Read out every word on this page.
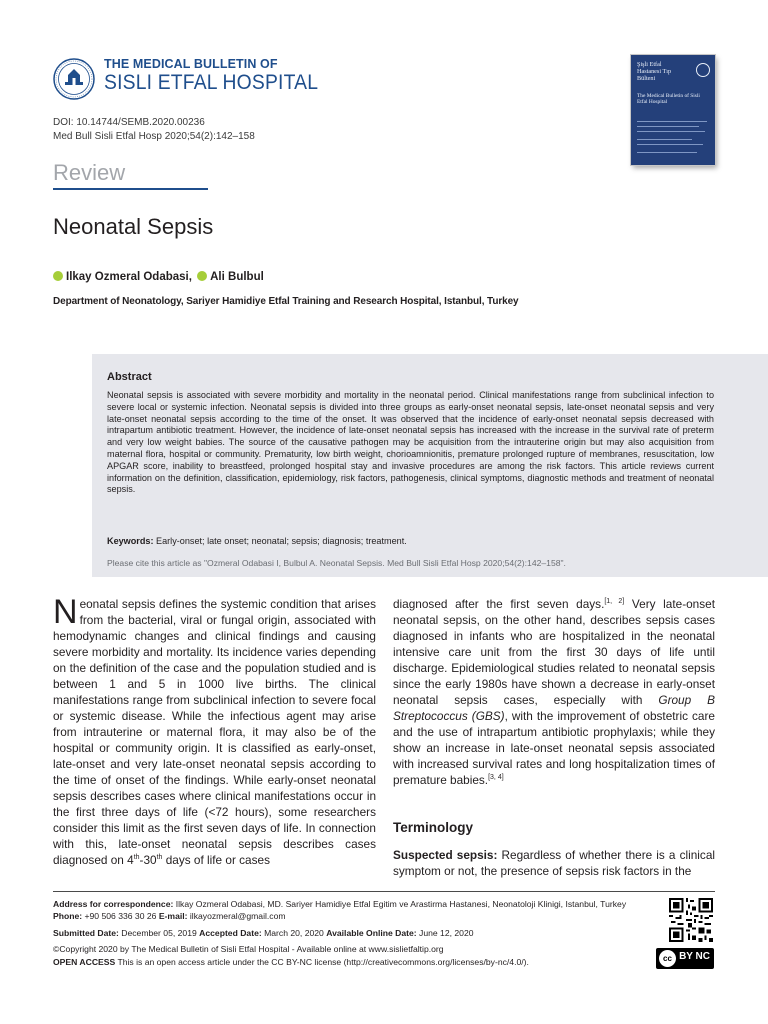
THE MEDICAL BULLETIN OF
SISLI ETFAL HOSPITAL
DOI: 10.14744/SEMB.2020.00236
Med Bull Sisli Etfal Hosp 2020;54(2):142–158
Şişli Etfal Hastanesi Tıp Bülteni
The Medical Bulletin of Sisli Etfal Hospital
Review
Neonatal Sepsis
Ilkay Ozmeral Odabasi, Ali Bulbul
Department of Neonatology, Sariyer Hamidiye Etfal Training and Research Hospital, Istanbul, Turkey
Abstract
Neonatal sepsis is associated with severe morbidity and mortality in the neonatal period. Clinical manifestations range from subclinical infection to severe local or systemic infection. Neonatal sepsis is divided into three groups as early-onset neonatal sepsis, late-onset neonatal sepsis and very late-onset neonatal sepsis according to the time of the onset. It was observed that the incidence of early-onset neonatal sepsis decreased with intrapartum antibiotic treatment. However, the incidence of late-onset neonatal sepsis has increased with the increase in the survival rate of preterm and very low weight babies. The source of the causative pathogen may be acquisition from the intrauterine origin but may also acquisition from maternal flora, hospital or community. Prematurity, low birth weight, chorioamnionitis, premature prolonged rupture of membranes, resuscitation, low APGAR score, inability to breastfeed, prolonged hospital stay and invasive procedures are among the risk factors. This article reviews current information on the definition, classification, epidemiology, risk factors, pathogenesis, clinical symptoms, diagnostic methods and treatment of neonatal sepsis.
Keywords: Early-onset; late onset; neonatal; sepsis; diagnosis; treatment.
Please cite this article as "Ozmeral Odabasi I, Bulbul A. Neonatal Sepsis. Med Bull Sisli Etfal Hosp 2020;54(2):142–158".
Neonatal sepsis defines the systemic condition that arises from the bacterial, viral or fungal origin, associated with hemodynamic changes and clinical findings and causing severe morbidity and mortality. Its incidence varies depending on the definition of the case and the population studied and is between 1 and 5 in 1000 live births. The clinical manifestations range from subclinical infection to severe focal or systemic disease. While the infectious agent may arise from intrauterine or maternal flora, it may also be of the hospital or community origin. It is classified as early-onset, late-onset and very late-onset neonatal sepsis according to the time of onset of the findings. While early-onset neonatal sepsis describes cases where clinical manifestations occur in the first three days of life (<72 hours), some researchers consider this limit as the first seven days of life. In connection with this, late-onset neonatal sepsis describes cases diagnosed on 4th-30th days of life or cases
diagnosed after the first seven days.[1, 2] Very late-onset neonatal sepsis, on the other hand, describes sepsis cases diagnosed in infants who are hospitalized in the neonatal intensive care unit from the first 30 days of life until discharge. Epidemiological studies related to neonatal sepsis since the early 1980s have shown a decrease in early-onset neonatal sepsis cases, especially with Group B Streptococcus (GBS), with the improvement of obstetric care and the use of intrapartum antibiotic prophylaxis; while they show an increase in late-onset neonatal sepsis associated with increased survival rates and long hospitalization times of premature babies.[3, 4]
Terminology
Suspected sepsis: Regardless of whether there is a clinical symptom or not, the presence of sepsis risk factors in the
Address for correspondence: Ilkay Ozmeral Odabasi, MD. Sariyer Hamidiye Etfal Egitim ve Arastirma Hastanesi, Neonatoloji Klinigi, Istanbul, Turkey
Phone: +90 506 336 30 26 E-mail: ilkayozmeral@gmail.com
Submitted Date: December 05, 2019 Accepted Date: March 20, 2020 Available Online Date: June 12, 2020
©Copyright 2020 by The Medical Bulletin of Sisli Etfal Hospital - Available online at www.sislietfaltip.org
OPEN ACCESS This is an open access article under the CC BY-NC license (http://creativecommons.org/licenses/by-nc/4.0/).	cc BY NC
